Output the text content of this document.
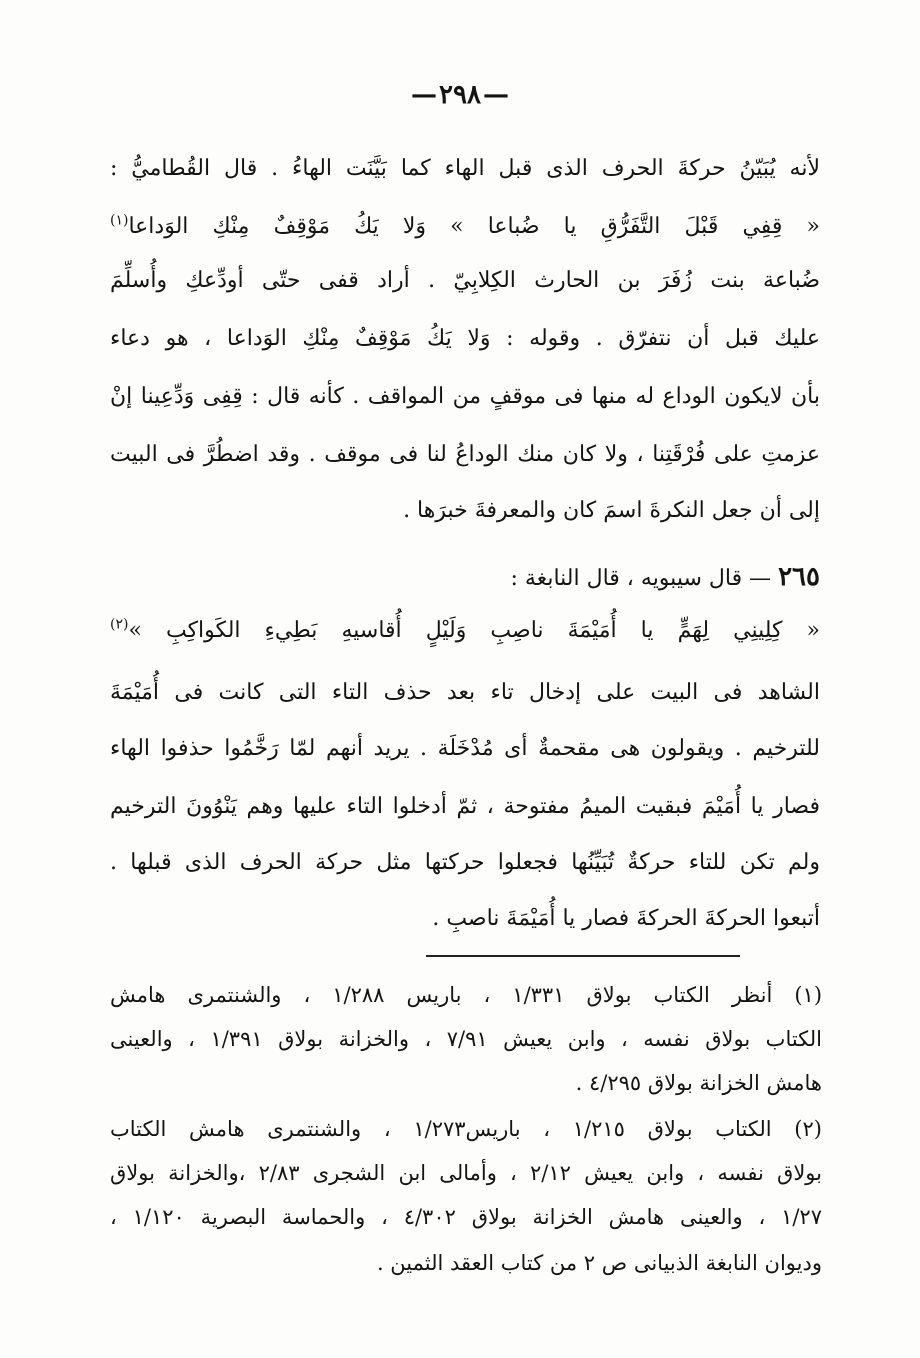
—٢٩٨—
لأنه يُبَيّنُ حركةَ الحرف الذى قبل الهاء كما بَيَّنَت الهاءُ . قال القُطاميُّ :
« قِفِي قَبْلَ التَّفَرُّقِ يا ضُباعا » وَلا يَكُ مَوْقِفٌ مِنْكِ الوَداعا$^{(١)}$
ضُباعة بنت زُفَرَ بن الحارث الكِلابِيّ . أراد قفى حتّى أودِّعكِ وأُسلِّمَ
عليك قبل أن نتفرّق . وقوله : وَلا يَكُ مَوْقِفٌ مِنْكِ الوَداعا ، هو دعاء
بأن لايكون الوداع له منها فى موقفٍ من المواقف . كأنه قال : قِفِى وَدِّعِينا إنْ
عزمتِ على فُرْقَتِنا ، ولا كان منك الوداعُ لنا فى موقف . وقد اضطُرَّ فى البيت
إلى أن جعل النكرةَ اسمَ كان والمعرفةَ خبرَها .
٢٦٥ — قال سيبويه ، قال النابغة :
« كِلِينِي لِهَمٍّ يا أُمَيْمَةَ ناصِبِ وَلَيْلٍ أُقاسيهِ بَطِيءِ الكَواكِبِ »$^{(٢)}$
الشاهد فى البيت على إدخال تاء بعد حذف التاء التى كانت فى أُمَيْمَةَ
للترخيم . ويقولون هى مقحمةٌ أى مُدْخَلَة . يريد أنهم لمّا رَخَّمُوا حذفوا الهاء
فصار يا أُمَيْمَ فبقيت الميمُ مفتوحة ، ثمّ أدخلوا التاء عليها وهم يَنْوُونَ الترخيم
ولم تكن للتاء حركةٌ تُبَيِّنُها فجعلوا حركتها مثل حركة الحرف الذى قبلها .
أتبعوا الحركةَ الحركةَ فصار يا أُمَيْمَةَ ناصبِ .
(١) أنظر الكتاب بولاق ١/٣٣١ ، باريس ١/٢٨٨ ، والشنتمرى هامش
الكتاب بولاق نفسه ، وابن يعيش ٧/٩١ ، والخزانة بولاق ١/٣٩١ ، والعينى
هامش الخزانة بولاق ٤/٢٩٥ .
(٢) الكتاب بولاق ١/٢١٥ ، باريس١/٢٧٣ ، والشنتمرى هامش الكتاب
بولاق نفسه ، وابن يعيش ٢/١٢ ، وأمالى ابن الشجرى ٢/٨٣ ،والخزانة بولاق
١/٢٧ ، والعينى هامش الخزانة بولاق ٤/٣٠٢ ، والحماسة البصرية ١/١٢٠ ،
وديوان النابغة الذبيانى ص ٢ من كتاب العقد الثمين .
